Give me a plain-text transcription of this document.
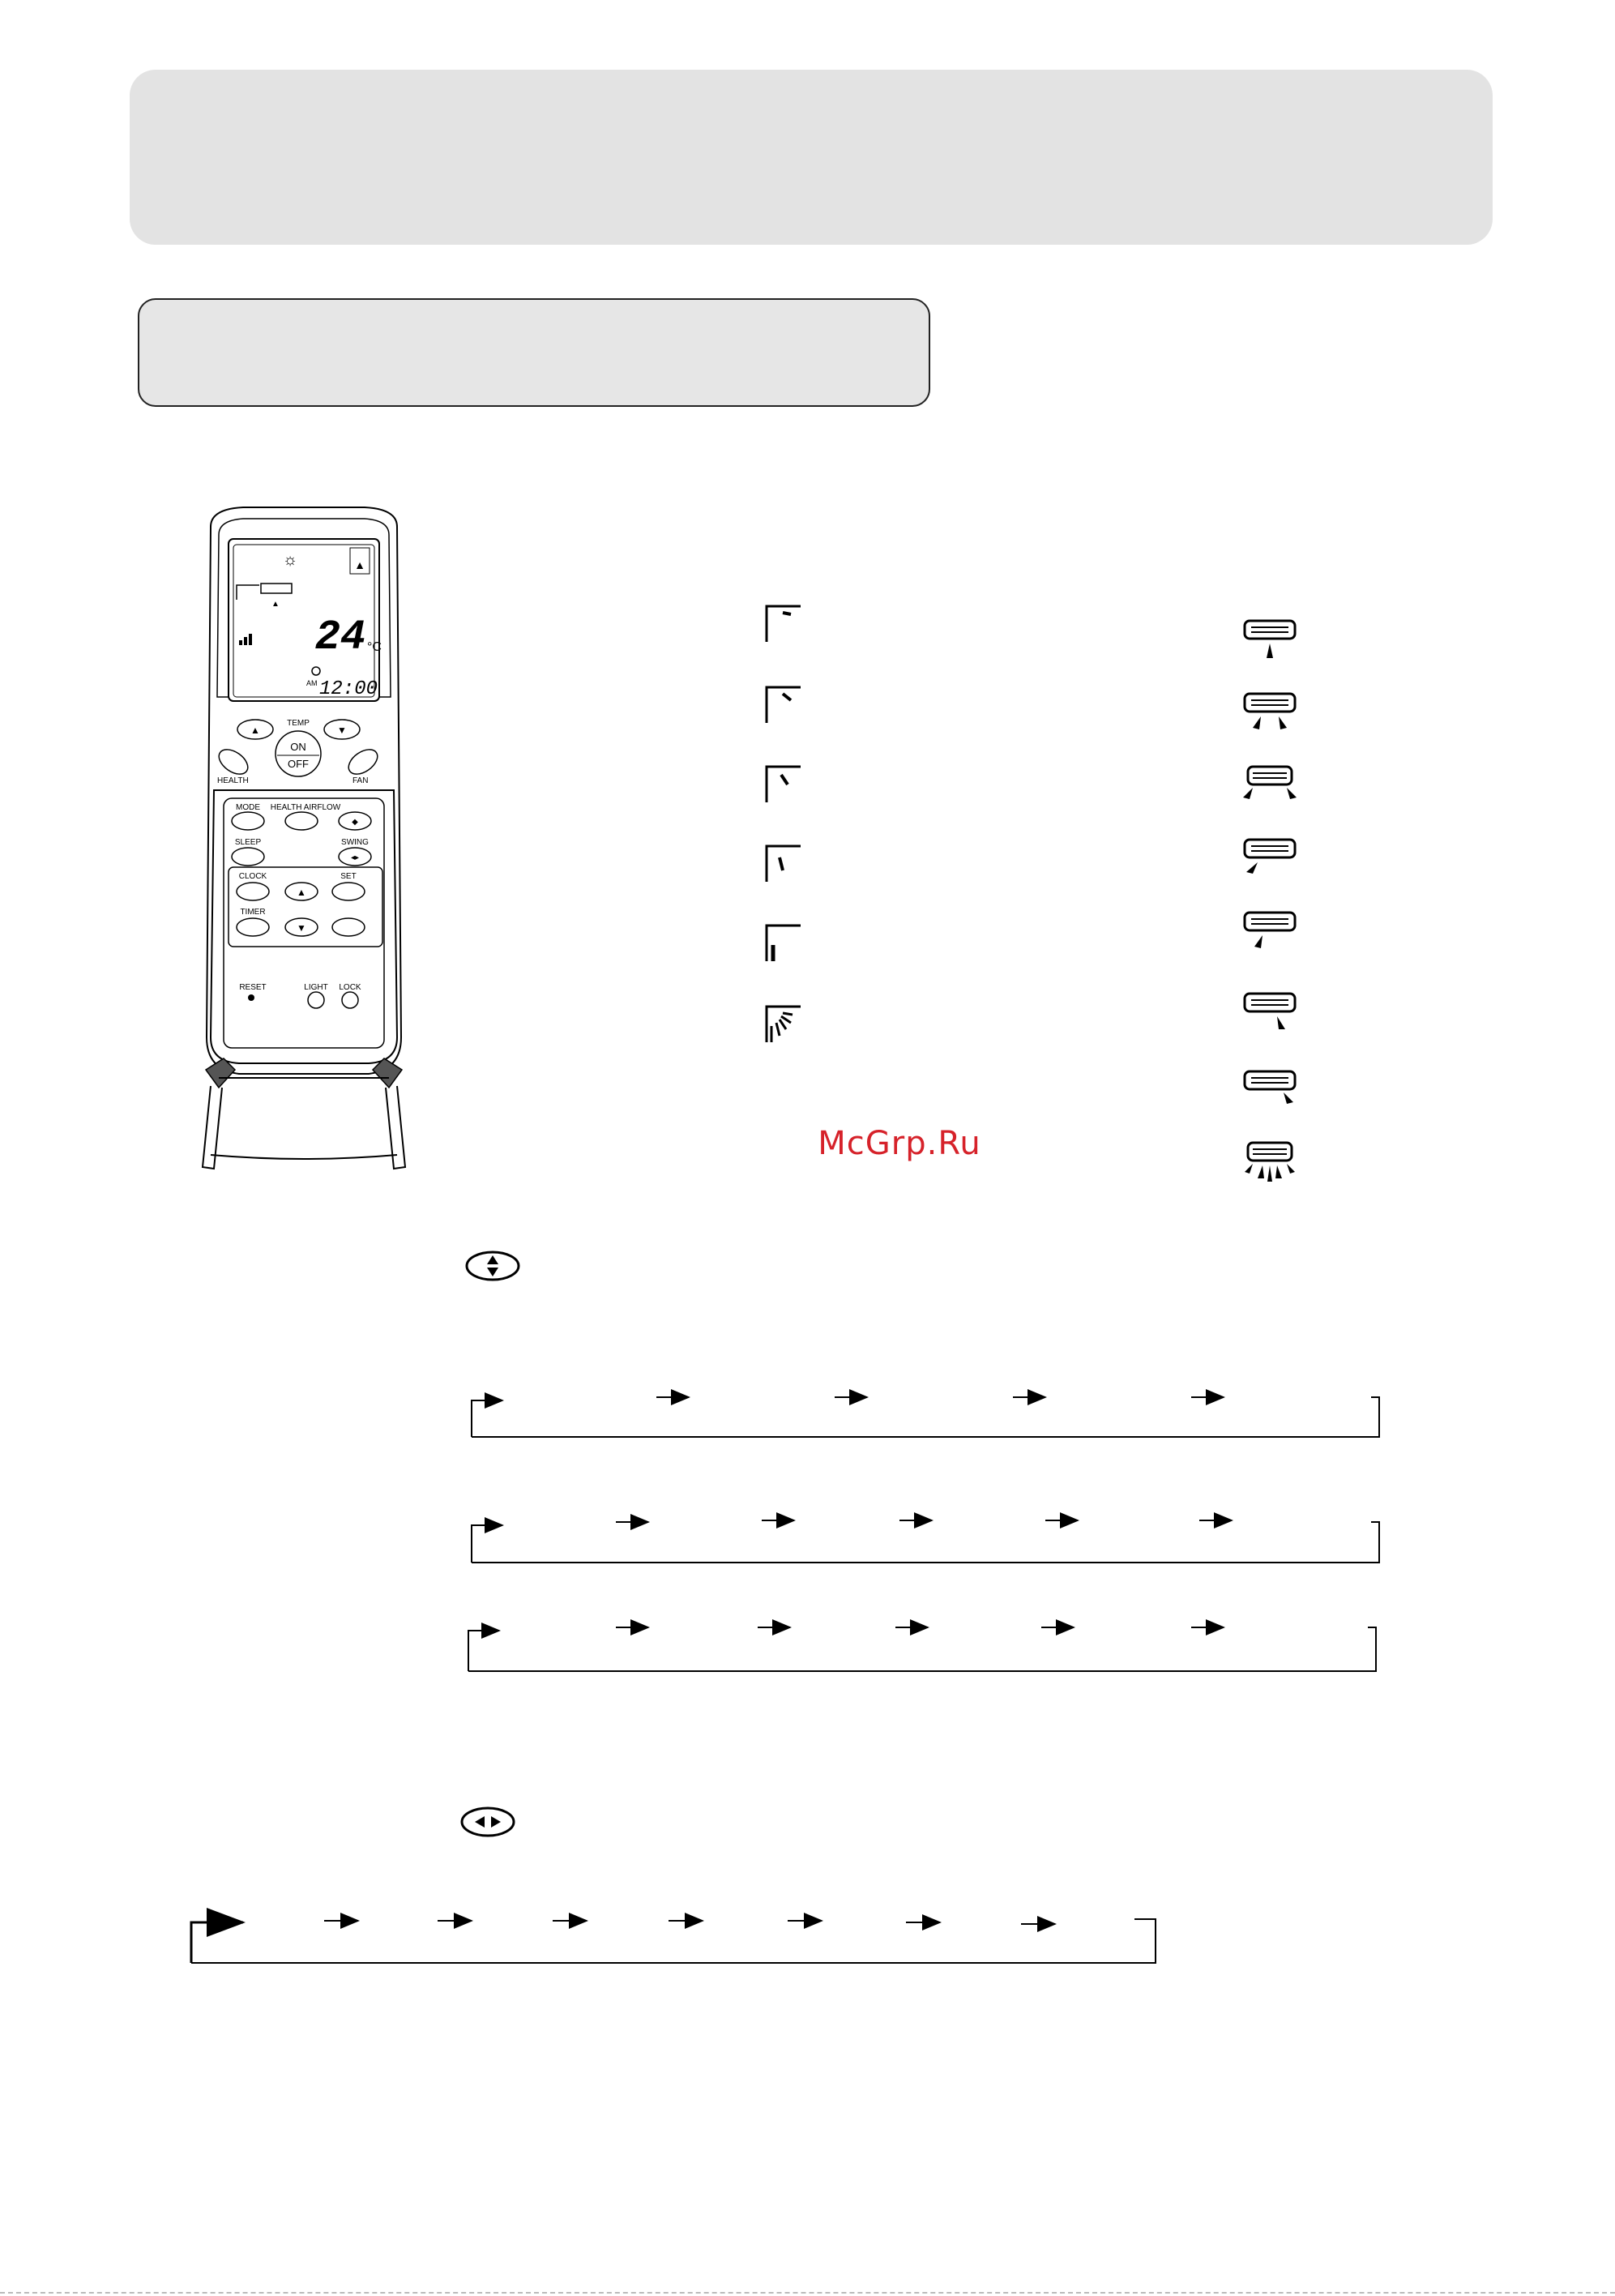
☼	▲
▲
24 °C
AM 12:00
▲	▼
TEMP
ON
OFF
HEALTH	FAN
MODE HEALTH AIRFLOW
◆
SLEEP	SWING
◂▸
CLOCK	SET
▲
TIMER
▼
RESET	LIGHT LOCK
McGrp.Ru
